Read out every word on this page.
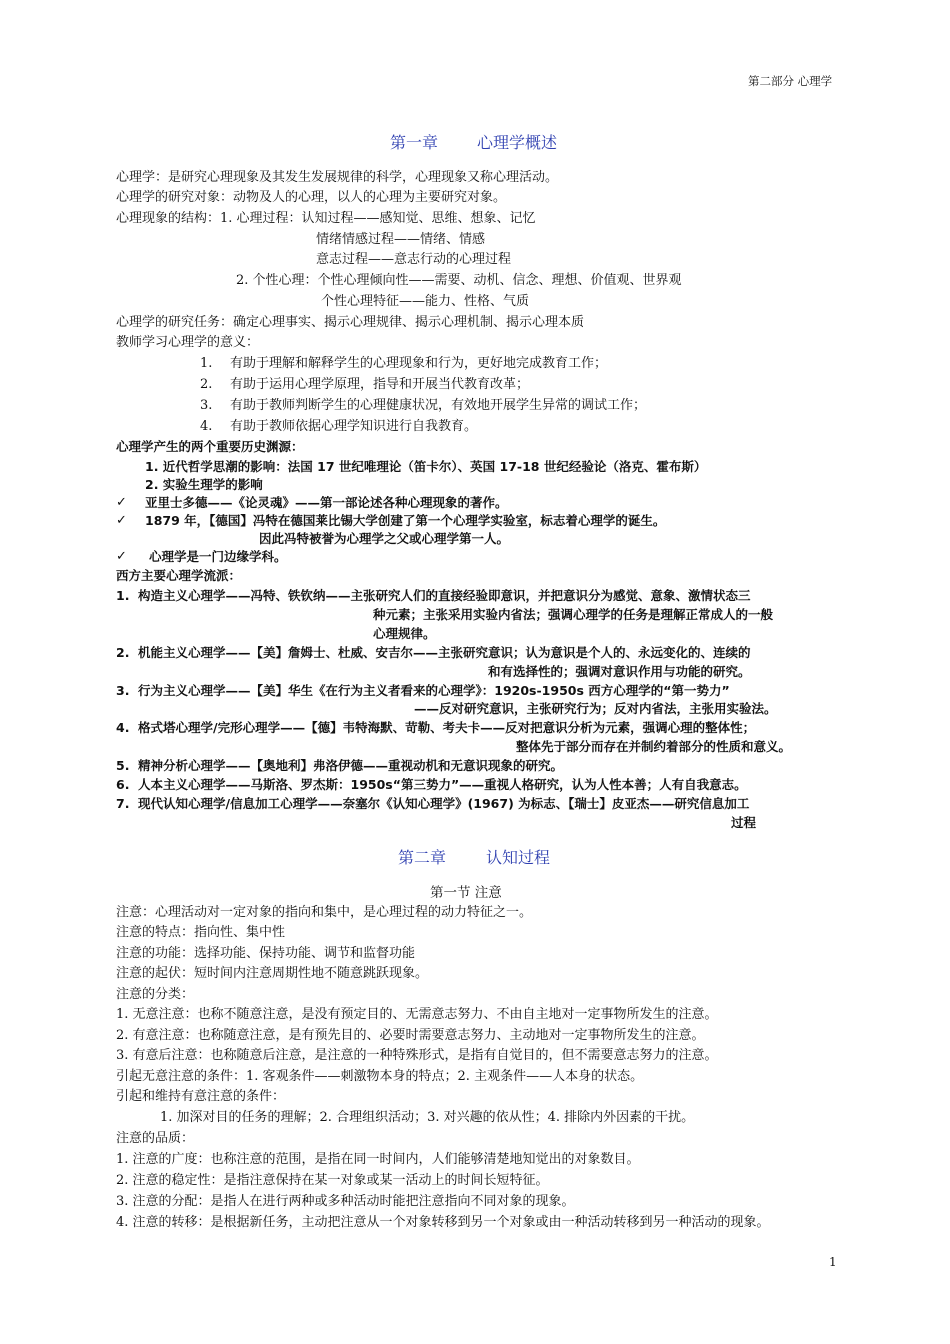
第二部分 心理学
第一章 心理学概述
心理学：是研究心理现象及其发生发展规律的科学，心理现象又称心理活动。
心理学的研究对象：动物及人的心理，以人的心理为主要研究对象。
心理现象的结构：1. 心理过程：认知过程——感知觉、思维、想象、记忆
情绪情感过程——情绪、情感
意志过程——意志行动的心理过程
2. 个性心理：个性心理倾向性——需要、动机、信念、理想、价值观、世界观
个性心理特征——能力、性格、气质
心理学的研究任务：确定心理事实、揭示心理规律、揭示心理机制、揭示心理本质
教师学习心理学的意义：
1. 有助于理解和解释学生的心理现象和行为，更好地完成教育工作；
2. 有助于运用心理学原理，指导和开展当代教育改革；
3. 有助于教师判断学生的心理健康状况，有效地开展学生异常的调试工作；
4. 有助于教师依据心理学知识进行自我教育。
心理学产生的两个重要历史渊源：
1. 近代哲学思潮的影响：法国 17 世纪唯理论（笛卡尔）、英国 17-18 世纪经验论（洛克、霍布斯）
2. 实验生理学的影响
✓ 亚里士多德——《论灵魂》——第一部论述各种心理现象的著作。
✓ 1879 年，【德国】冯特在德国莱比锡大学创建了第一个心理学实验室，标志着心理学的诞生。
因此冯特被誉为心理学之父或心理学第一人。
✓ 心理学是一门边缘学科。
西方主要心理学流派：
1. 构造主义心理学——冯特、铁钦纳——主张研究人们的直接经验即意识，并把意识分为感觉、意象、激情状态三
种元素；主张采用实验内省法；强调心理学的任务是理解正常成人的一般
心理规律。
2. 机能主义心理学——【美】詹姆士、杜威、安吉尔——主张研究意识；认为意识是个人的、永远变化的、连续的
和有选择性的；强调对意识作用与功能的研究。
3. 行为主义心理学——【美】华生《在行为主义者看来的心理学》：1920s-1950s 西方心理学的“第一势力”
——反对研究意识，主张研究行为；反对内省法，主张用实验法。
4. 格式塔心理学/完形心理学——【德】韦特海默、苛勒、考夫卡——反对把意识分析为元素，强调心理的整体性；
整体先于部分而存在并制约着部分的性质和意义。
5. 精神分析心理学——【奥地利】弗洛伊德——重视动机和无意识现象的研究。
6. 人本主义心理学——马斯洛、罗杰斯：1950s“第三势力”——重视人格研究，认为人性本善；人有自我意志。
7. 现代认知心理学/信息加工心理学——奈塞尔《认知心理学》(1967) 为标志、【瑞士】皮亚杰——研究信息加工
过程
第二章 认知过程
第一节 注意
注意：心理活动对一定对象的指向和集中，是心理过程的动力特征之一。
注意的特点：指向性、集中性
注意的功能：选择功能、保持功能、调节和监督功能
注意的起伏：短时间内注意周期性地不随意跳跃现象。
注意的分类：
1. 无意注意：也称不随意注意，是没有预定目的、无需意志努力、不由自主地对一定事物所发生的注意。
2. 有意注意：也称随意注意，是有预先目的、必要时需要意志努力、主动地对一定事物所发生的注意。
3. 有意后注意：也称随意后注意，是注意的一种特殊形式，是指有自觉目的，但不需要意志努力的注意。
引起无意注意的条件：1. 客观条件——刺激物本身的特点；2. 主观条件——人本身的状态。
引起和维持有意注意的条件：
1. 加深对目的任务的理解；2. 合理组织活动；3. 对兴趣的依从性；4. 排除内外因素的干扰。
注意的品质：
1. 注意的广度：也称注意的范围，是指在同一时间内，人们能够清楚地知觉出的对象数目。
2. 注意的稳定性：是指注意保持在某一对象或某一活动上的时间长短特征。
3. 注意的分配：是指人在进行两种或多种活动时能把注意指向不同对象的现象。
4. 注意的转移：是根据新任务，主动把注意从一个对象转移到另一个对象或由一种活动转移到另一种活动的现象。
1
